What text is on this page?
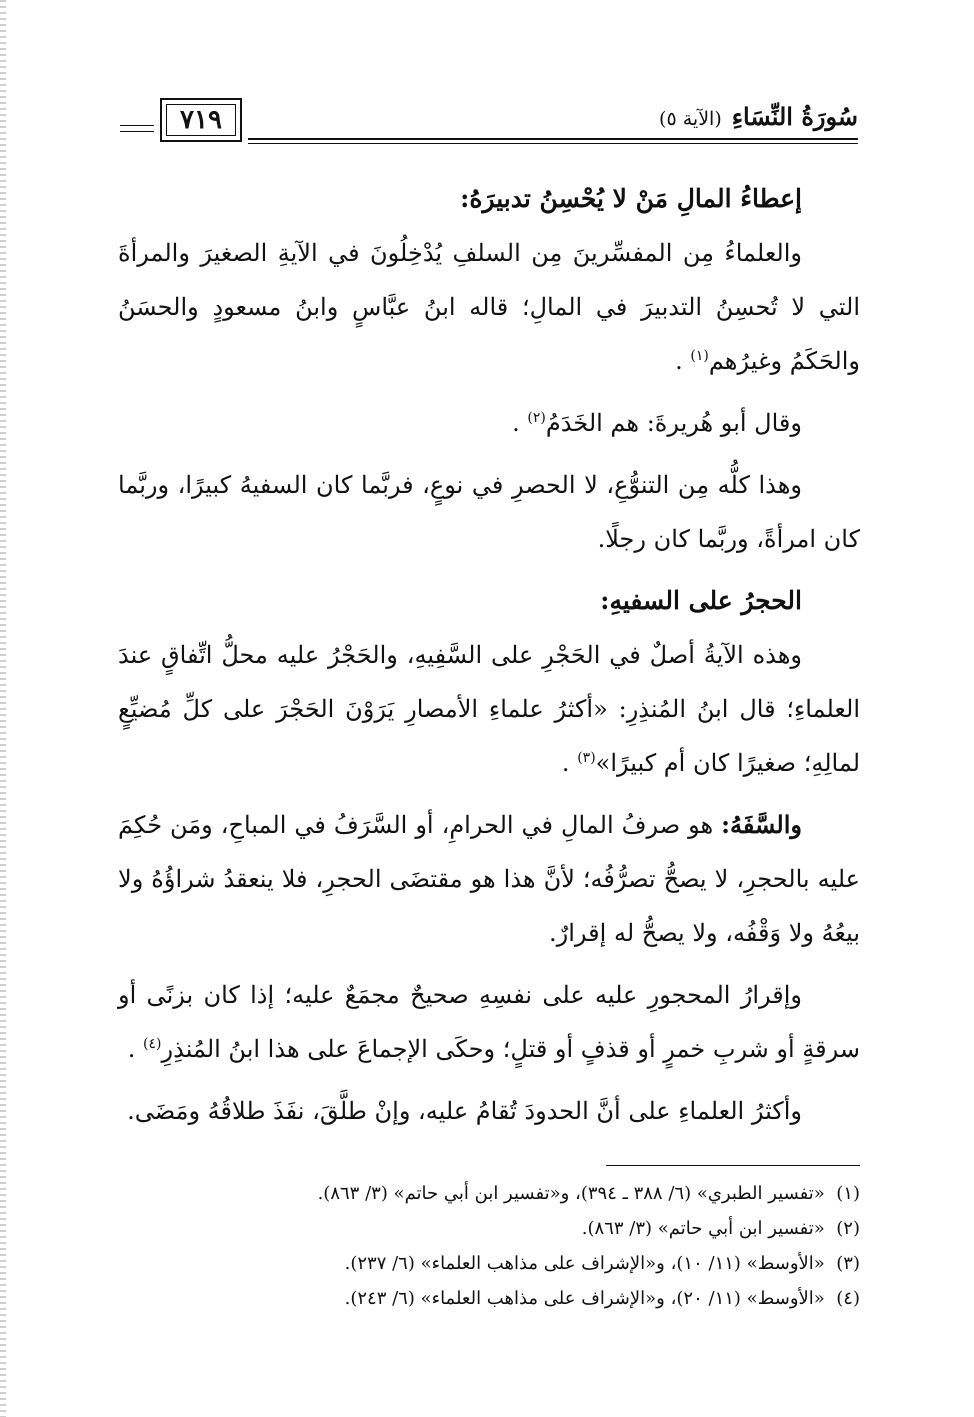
سُورَةُ النِّسَاءِ
(الآية ٥)
٧١٩

إعطاءُ المالِ مَنْ لا يُحْسِنُ تدبيرَهُ:

والعلماءُ مِن المفسِّرينَ مِن السلفِ يُدْخِلُونَ في الآيةِ الصغيرَ والمرأةَ التي لا تُحسِنُ التدبيرَ في المالِ؛ قاله ابنُ عبَّاسٍ وابنُ مسعودٍ والحسَنُ والحَكَمُ وغيرُهم$^{(١)}$ .

وقال أبو هُريرةَ: هم الخَدَمُ$^{(٢)}$ .

وهذا كلُّه مِن التنوُّعِ، لا الحصرِ في نوعٍ، فربَّما كان السفيهُ كبيرًا، وربَّما كان امرأةً، وربَّما كان رجلًا.

الحجرُ على السفيهِ:

وهذه الآيةُ أصلٌ في الحَجْرِ على السَّفِيهِ، والحَجْرُ عليه محلُّ اتِّفاقٍ عندَ العلماءِ؛ قال ابنُ المُنذِرِ: «أكثرُ علماءِ الأمصارِ يَرَوْنَ الحَجْرَ على كلِّ مُضيِّعٍ لمالِهِ؛ صغيرًا كان أم كبيرًا»$^{(٣)}$ .

والسَّفَهُ: هو صرفُ المالِ في الحرامِ، أو السَّرَفُ في المباحِ، ومَن حُكِمَ عليه بالحجرِ، لا يصحُّ تصرُّفُه؛ لأنَّ هذا هو مقتضَى الحجرِ، فلا ينعقدُ شراؤُهُ ولا بيعُهُ ولا وَقْفُه، ولا يصحُّ له إقرارٌ.

وإقرارُ المحجورِ عليه على نفسِهِ صحيحٌ مجمَعٌ عليه؛ إذا كان بزنًى أو سرقةٍ أو شربِ خمرٍ أو قذفٍ أو قتلٍ؛ وحكَى الإجماعَ على هذا ابنُ المُنذِرِ$^{(٤)}$ .

وأكثرُ العلماءِ على أنَّ الحدودَ تُقامُ عليه، وإنْ طلَّقَ، نفَذَ طلاقُهُ ومَضَى.

(١)  «تفسير الطبري» (٦/ ٣٨٨ ـ ٣٩٤)، و«تفسير ابن أبي حاتم» (٣/ ٨٦٣).

(٢)  «تفسير ابن أبي حاتم» (٣/ ٨٦٣).

(٣)  «الأوسط» (١١/ ١٠)، و«الإشراف على مذاهب العلماء» (٦/ ٢٣٧).

(٤)  «الأوسط» (١١/ ٢٠)، و«الإشراف على مذاهب العلماء» (٦/ ٢٤٣).
